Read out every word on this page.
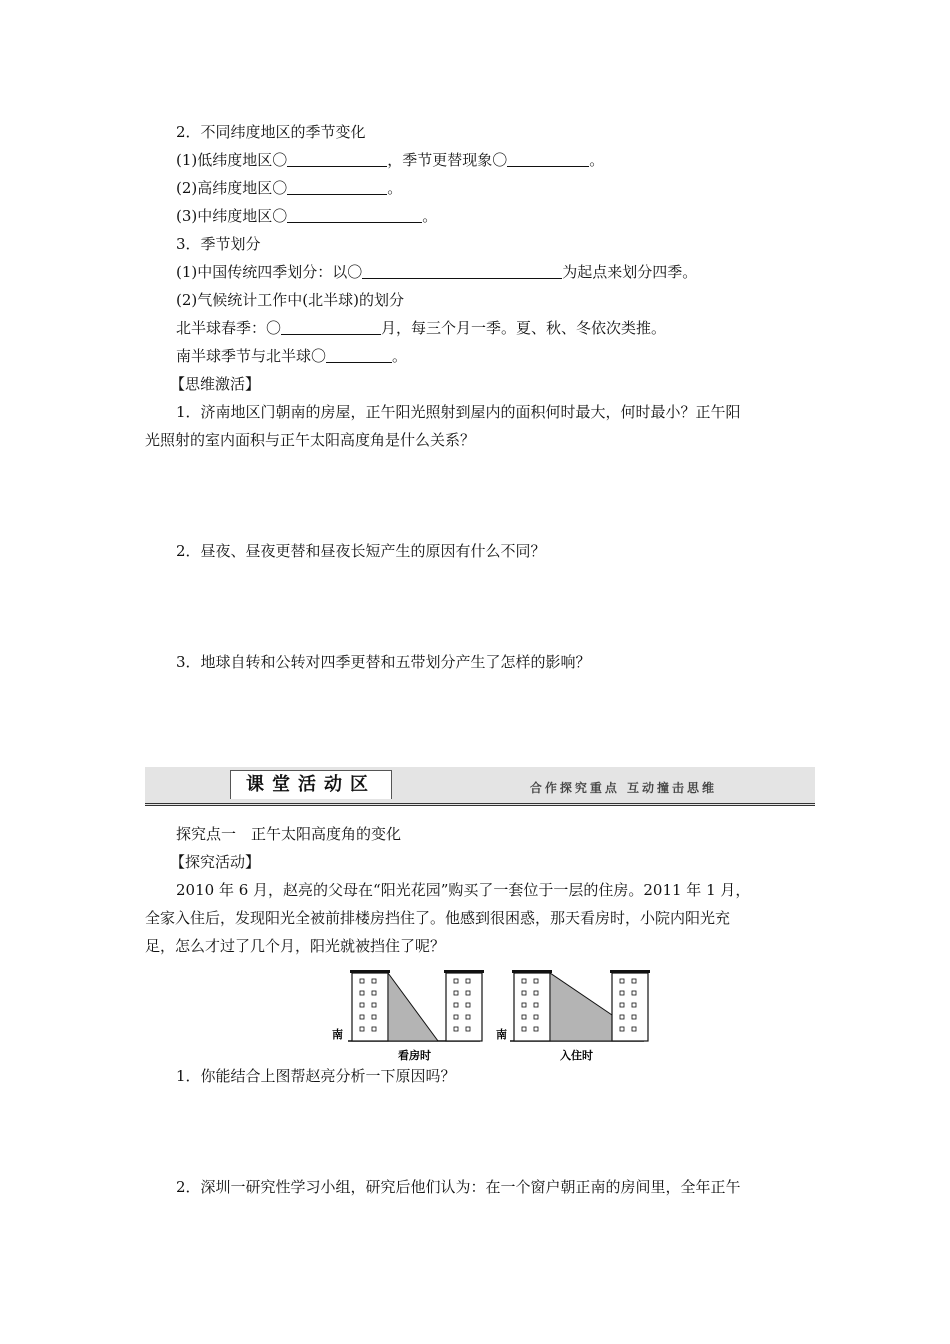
2．不同纬度地区的季节变化
(1)低纬度地区〇	，季节更替现象〇	。
(2)高纬度地区〇	。
(3)中纬度地区〇	。
3．季节划分
(1)中国传统四季划分：以〇	为起点来划分四季。
(2)气候统计工作中(北半球)的划分
北半球春季：〇	月，每三个月一季。夏、秋、冬依次类推。
南半球季节与北半球〇	。
【思维激活】
1．济南地区门朝南的房屋，正午阳光照射到屋内的面积何时最大，何时最小？正午阳
光照射的室内面积与正午太阳高度角是什么关系？
2．昼夜、昼夜更替和昼夜长短产生的原因有什么不同？
3．地球自转和公转对四季更替和五带划分产生了怎样的影响？
课堂活动区	合作探究重点 互动撞击思维
探究点一　正午太阳高度角的变化
【探究活动】
2010 年 6 月，赵亮的父母在“阳光花园”购买了一套位于一层的住房。2011 年 1 月，
全家入住后，发现阳光全被前排楼房挡住了。他感到很困惑，那天看房时，小院内阳光充
足，怎么才过了几个月，阳光就被挡住了呢？
南
看房时
南
入住时
1．你能结合上图帮赵亮分析一下原因吗？
2．深圳一研究性学习小组，研究后他们认为：在一个窗户朝正南的房间里，全年正午
